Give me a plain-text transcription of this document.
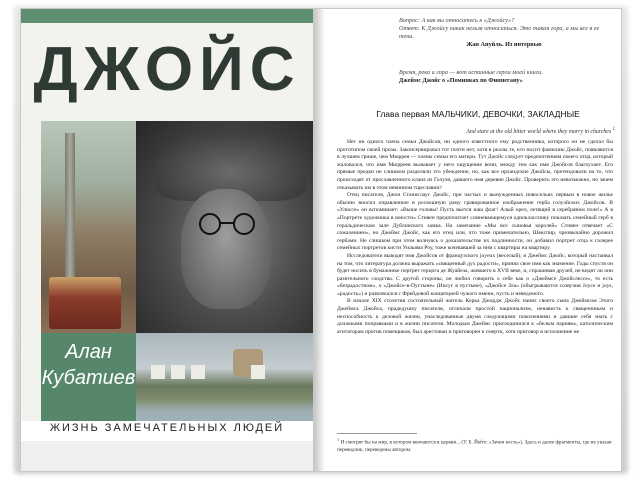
ДЖОЙС
Алан Кубатиев
ЖИЗНЬ ЗАМЕЧАТЕЛЬНЫХ ЛЮДЕЙ
Вопрос: А как вы относитесь к «Джойсу»?
Ответ: К Джойсу никак нельзя относиться. Это такая гора, а мы все в ее тени.
Жан Ануйль. Из интервью
Время, река и гора — вот истинные герои моей книги.
Джеймс Джойс о «Поминках по Финнегану»
Глава первая МАЛЬЧИКИ, ДЕВОЧКИ, ЗАКЛАДНЫЕ
And stare at the old bitter world where they marry in churches $^1$

Нет ни одного члена семьи Джойсов, ни одного известного ему родственника, которого он не сделал бы прототипом своей прозы. Законсервировал тот почти нет, хотя в реалы те, кто носит фамилию Джойс, появляются в лучшем грише, чем Мюррея — члены семьи его матери. Тут Джойс следует предпочтениям своего отца, который жаловался, что имя Мюрреев вызывает у него ощущение вони, между тем как имя Джойсов благоухает. Его прямые предки не слишком разделяли это убеждение, но, как все ирландские Джойсы, претендовали на то, что происходят от прославленного клана из Голуэя, давшего имя деревне Джойс. Проверить это невозможно, но зачем отказывать им в этом невинном тщеславии?

Отец писателя, Джон Станислаус Джойс, при частых и вынужденных новосельях первым в новое жилье обычно вносил оправленное в роскошную раму гравированное изображение герба голуэйских Джойсов. В «Улиссе» он вспоминает: «Выше головы! Пусть вьется наш флаг! Алый орел, летящий в серебряном поле!» А в «Портрете художника в юности» Стивен предпочитает сомневающемуся однокласснику показать семейный герб в геральдическом зале Дублинского замка. На замечание «Мы все сыновья королей» Стивен отвечает «С сожалением», но Джеймс Джойс, как его отец или, что тоже примечательно, Шекспир, чрезвычайно дорожил гербами. Не слишком при этом волнуясь о доказательстве их подлинности, он добавил портрет отца к галерее семейных портретов кисти Уильяма Роу, тоже кочевавшей за ним с квартиры на квартиру.

Исследователи выводят имя Джойсов от французского joyeux (веселый), и Джеймс Джойс, который настаивал на том, что литература должна выражать «священный дух радости», принял свое имя как знамение. Годы спустя он будет носить в бумажнике портрет герцога де Жуайеза, жившего в XVII веке, и, спрашивая друзей, не видят ли они разительного сходства. С другой стороны, он любил говорить о себе как о «Джеймсе Джойслессе», то есть «безрадостном», о «Джойсе-в-Пустыне» (Иисус в пустыне), «Джойсе Зла» (обыгрываются созвучия Joyce и joys, «радость») и развлекался с Фрейдовой концепцией чужого имени, пусть и неведомого.

В начале XIX столетия состоятельный житель Корка Джордж Джойс нанял своего сына Джеймсом Этого Джеймса Джойса, прадедушку писателя, отличали простой национализм, ненависть к священникам и неспособность к деловой жизни, унаследованные двумя следующими поколениями и давшие себя знать с должными поправками и в жизни писателя. Молодым Джеймс присоединился к «белым парням», католическим агитаторам против помещиков, был арестован и приговорен к смерти, хотя приговор в исполнение не

$^1$ И смотрят бы на мир, в котором венчаются в церкви... (У. Б. Йейтс «Зачем кость»). Здесь и далее фрагменты, где не указан переводчик, переведены автором.
